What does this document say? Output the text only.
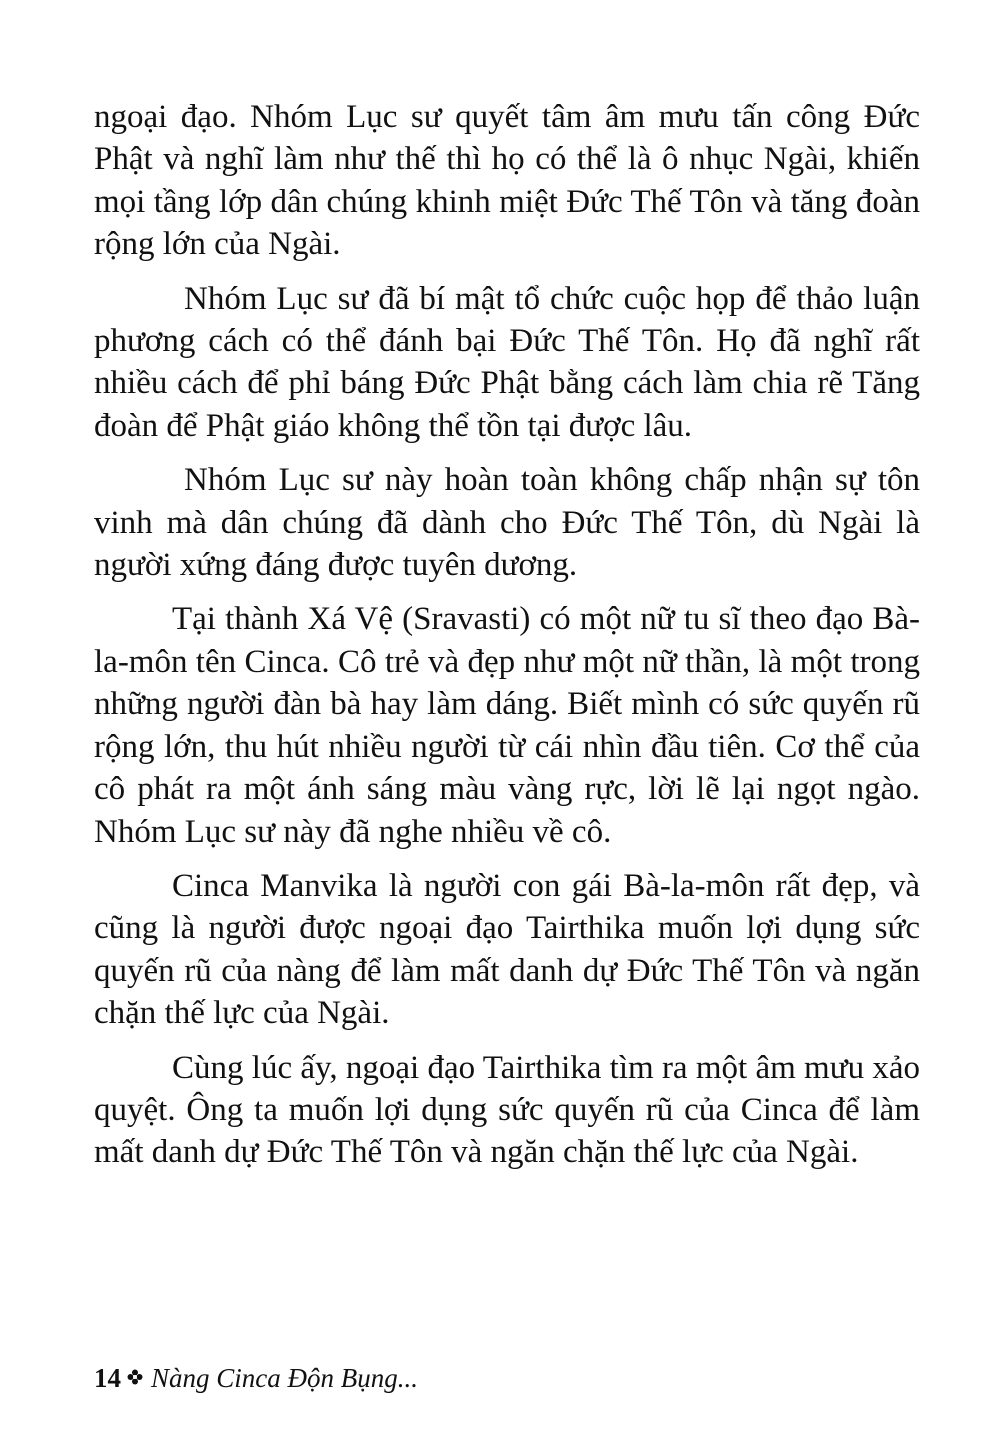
ngoại đạo. Nhóm Lục sư quyết tâm âm mưu tấn công Đức Phật và nghĩ làm như thế thì họ có thể là ô nhục Ngài, khiến mọi tầng lớp dân chúng khinh miệt Đức Thế Tôn và tăng đoàn rộng lớn của Ngài.

Nhóm Lục sư đã bí mật tổ chức cuộc họp để thảo luận phương cách có thể đánh bại Đức Thế Tôn. Họ đã nghĩ rất nhiều cách để phỉ báng Đức Phật bằng cách làm chia rẽ Tăng đoàn để Phật giáo không thể tồn tại được lâu.

Nhóm Lục sư này hoàn toàn không chấp nhận sự tôn vinh mà dân chúng đã dành cho Đức Thế Tôn, dù Ngài là người xứng đáng được tuyên dương.

Tại thành Xá Vệ (Sravasti) có một nữ tu sĩ theo đạo Bà-la-môn tên Cinca. Cô trẻ và đẹp như một nữ thần, là một trong những người đàn bà hay làm dáng. Biết mình có sức quyến rũ rộng lớn, thu hút nhiều người từ cái nhìn đầu tiên. Cơ thể của cô phát ra một ánh sáng màu vàng rực, lời lẽ lại ngọt ngào. Nhóm Lục sư này đã nghe nhiều về cô.

Cinca Manvika là người con gái Bà-la-môn rất đẹp, và cũng là người được ngoại đạo Tairthika muốn lợi dụng sức quyến rũ của nàng để làm mất danh dự Đức Thế Tôn và ngăn chặn thế lực của Ngài.

Cùng lúc ấy, ngoại đạo Tairthika tìm ra một âm mưu xảo quyệt. Ông ta muốn lợi dụng sức quyến rũ của Cinca để làm mất danh dự Đức Thế Tôn và ngăn chặn thế lực của Ngài.

14 Nàng Cinca Độn Bụng...
